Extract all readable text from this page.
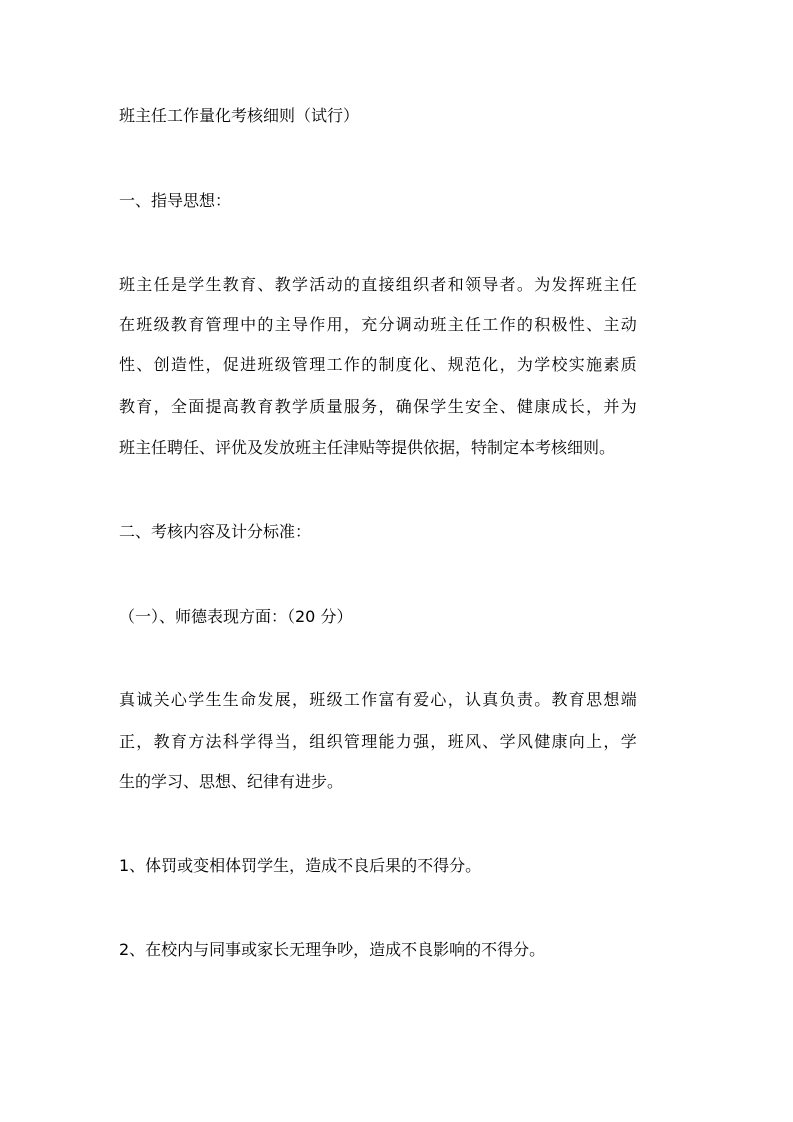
班主任工作量化考核细则（试行）
一、指导思想：
班主任是学生教育、教学活动的直接组织者和领导者。为发挥班主任
在班级教育管理中的主导作用，充分调动班主任工作的积极性、主动
性、创造性，促进班级管理工作的制度化、规范化，为学校实施素质
教育，全面提高教育教学质量服务，确保学生安全、健康成长，并为
班主任聘任、评优及发放班主任津贴等提供依据，特制定本考核细则。
二、考核内容及计分标准：
（一）、师德表现方面：（20 分）
真诚关心学生生命发展，班级工作富有爱心，认真负责。教育思想端
正，教育方法科学得当，组织管理能力强，班风、学风健康向上，学
生的学习、思想、纪律有进步。
1、体罚或变相体罚学生，造成不良后果的不得分。
2、在校内与同事或家长无理争吵，造成不良影响的不得分。
